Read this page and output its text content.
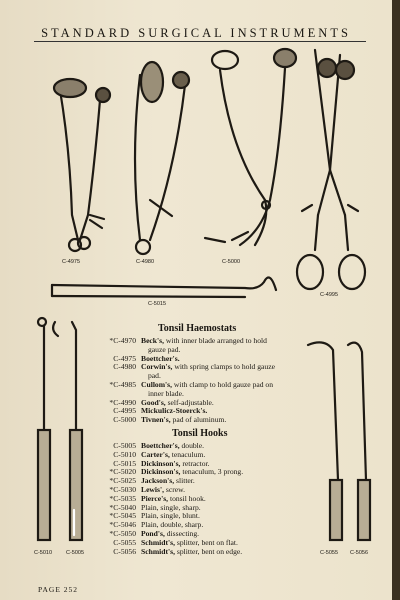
STANDARD SURGICAL INSTRUMENTS
C-4975	C-4980	C-5000
C-4995
C-5015
C-5010	C-5005	C-5055 C-5056
Tonsil Haemostats
*C-4970 Beck's, with inner blade arranged to hold
gauze pad.
C-4975 Boettcher's.
C-4980 Corwin's, with spring clamps to hold gauze
pad.
*C-4985 Cullom's, with clamp to hold gauze pad on
inner blade.
*C-4990 Good's, self-adjustable.
C-4995 Mickulicz-Stoerck's.
C-5000 Tivnen's, pad of aluminum.
Tonsil Hooks
C-5005 Boettcher's, double.
C-5010 Carter's, tenaculum.
C-5015 Dickinson's, retractor.
*C-5020 Dickinson's, tenaculum, 3 prong.
*C-5025 Jackson's, slitter.
*C-5030 Lewis', screw.
*C-5035 Pierce's, tonsil hook.
*C-5040 Plain, single, sharp.
*C-5045 Plain, single, blunt.
*C-5046 Plain, double, sharp.
*C-5050 Pond's, dissecting.
C-5055 Schmidt's, splitter, bent on flat.
C-5056 Schmidt's, splitter, bent on edge.
PAGE 252
